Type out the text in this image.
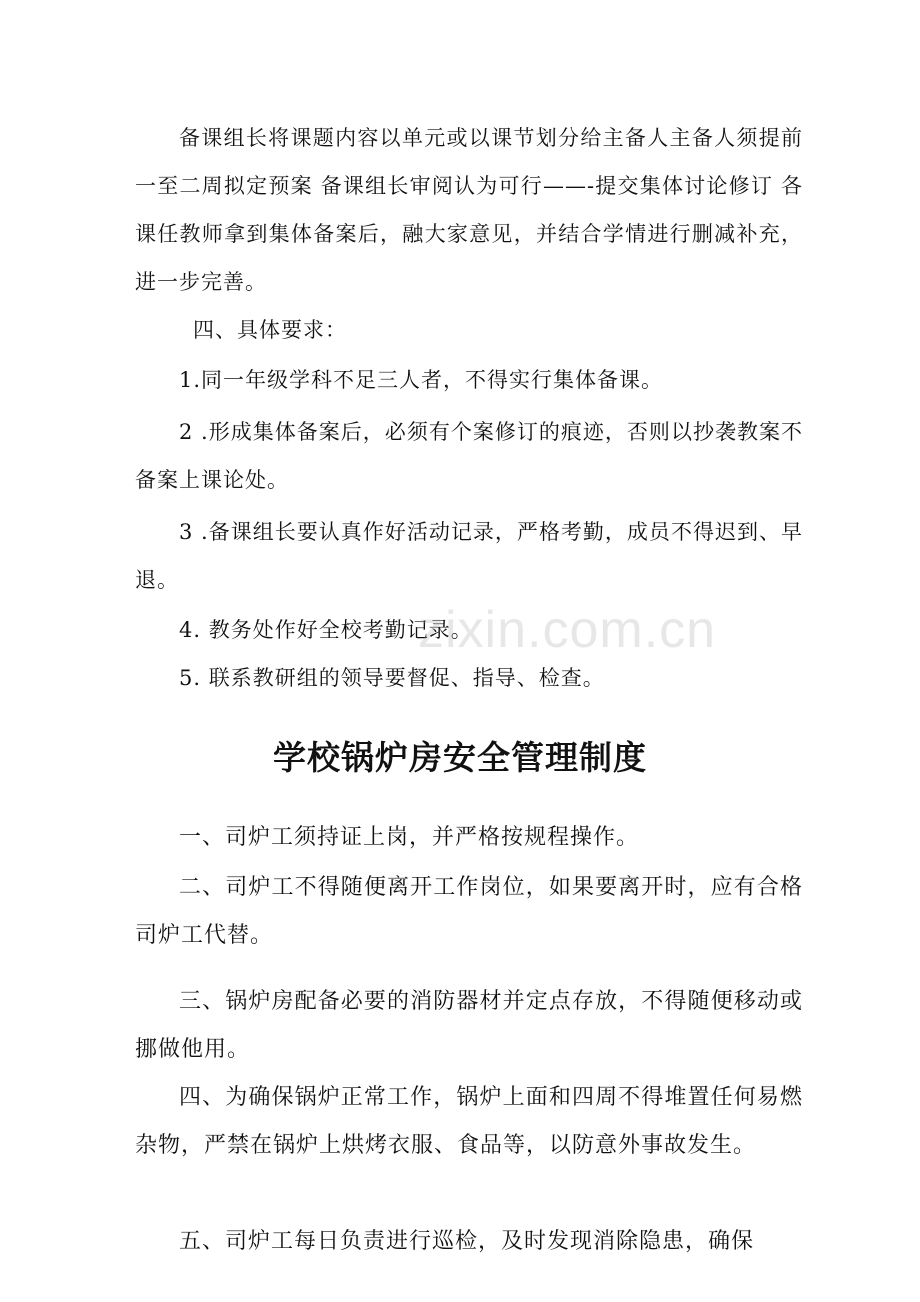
备课组长将课题内容以单元或以课节划分给主备人主备人须提前一至二周拟定预案 备课组长审阅认为可行——-提交集体讨论修订 各课任教师拿到集体备案后，融大家意见，并结合学情进行删减补充，进一步完善。

四、具体要求：

1.同一年级学科不足三人者，不得实行集体备课。

2 .形成集体备案后，必须有个案修订的痕迹，否则以抄袭教案不备案上课论处。

3 .备课组长要认真作好活动记录，严格考勤，成员不得迟到、早退。

4. 教务处作好全校考勤记录。

5. 联系教研组的领导要督促、指导、检查。

zixin.com.cn
学校锅炉房安全管理制度

一、司炉工须持证上岗，并严格按规程操作。

二、司炉工不得随便离开工作岗位，如果要离开时，应有合格司炉工代替。

三、锅炉房配备必要的消防器材并定点存放，不得随便移动或挪做他用。

四、为确保锅炉正常工作，锅炉上面和四周不得堆置任何易燃杂物，严禁在锅炉上烘烤衣服、食品等，以防意外事故发生。

五、司炉工每日负责进行巡检，及时发现消除隐患，确保
